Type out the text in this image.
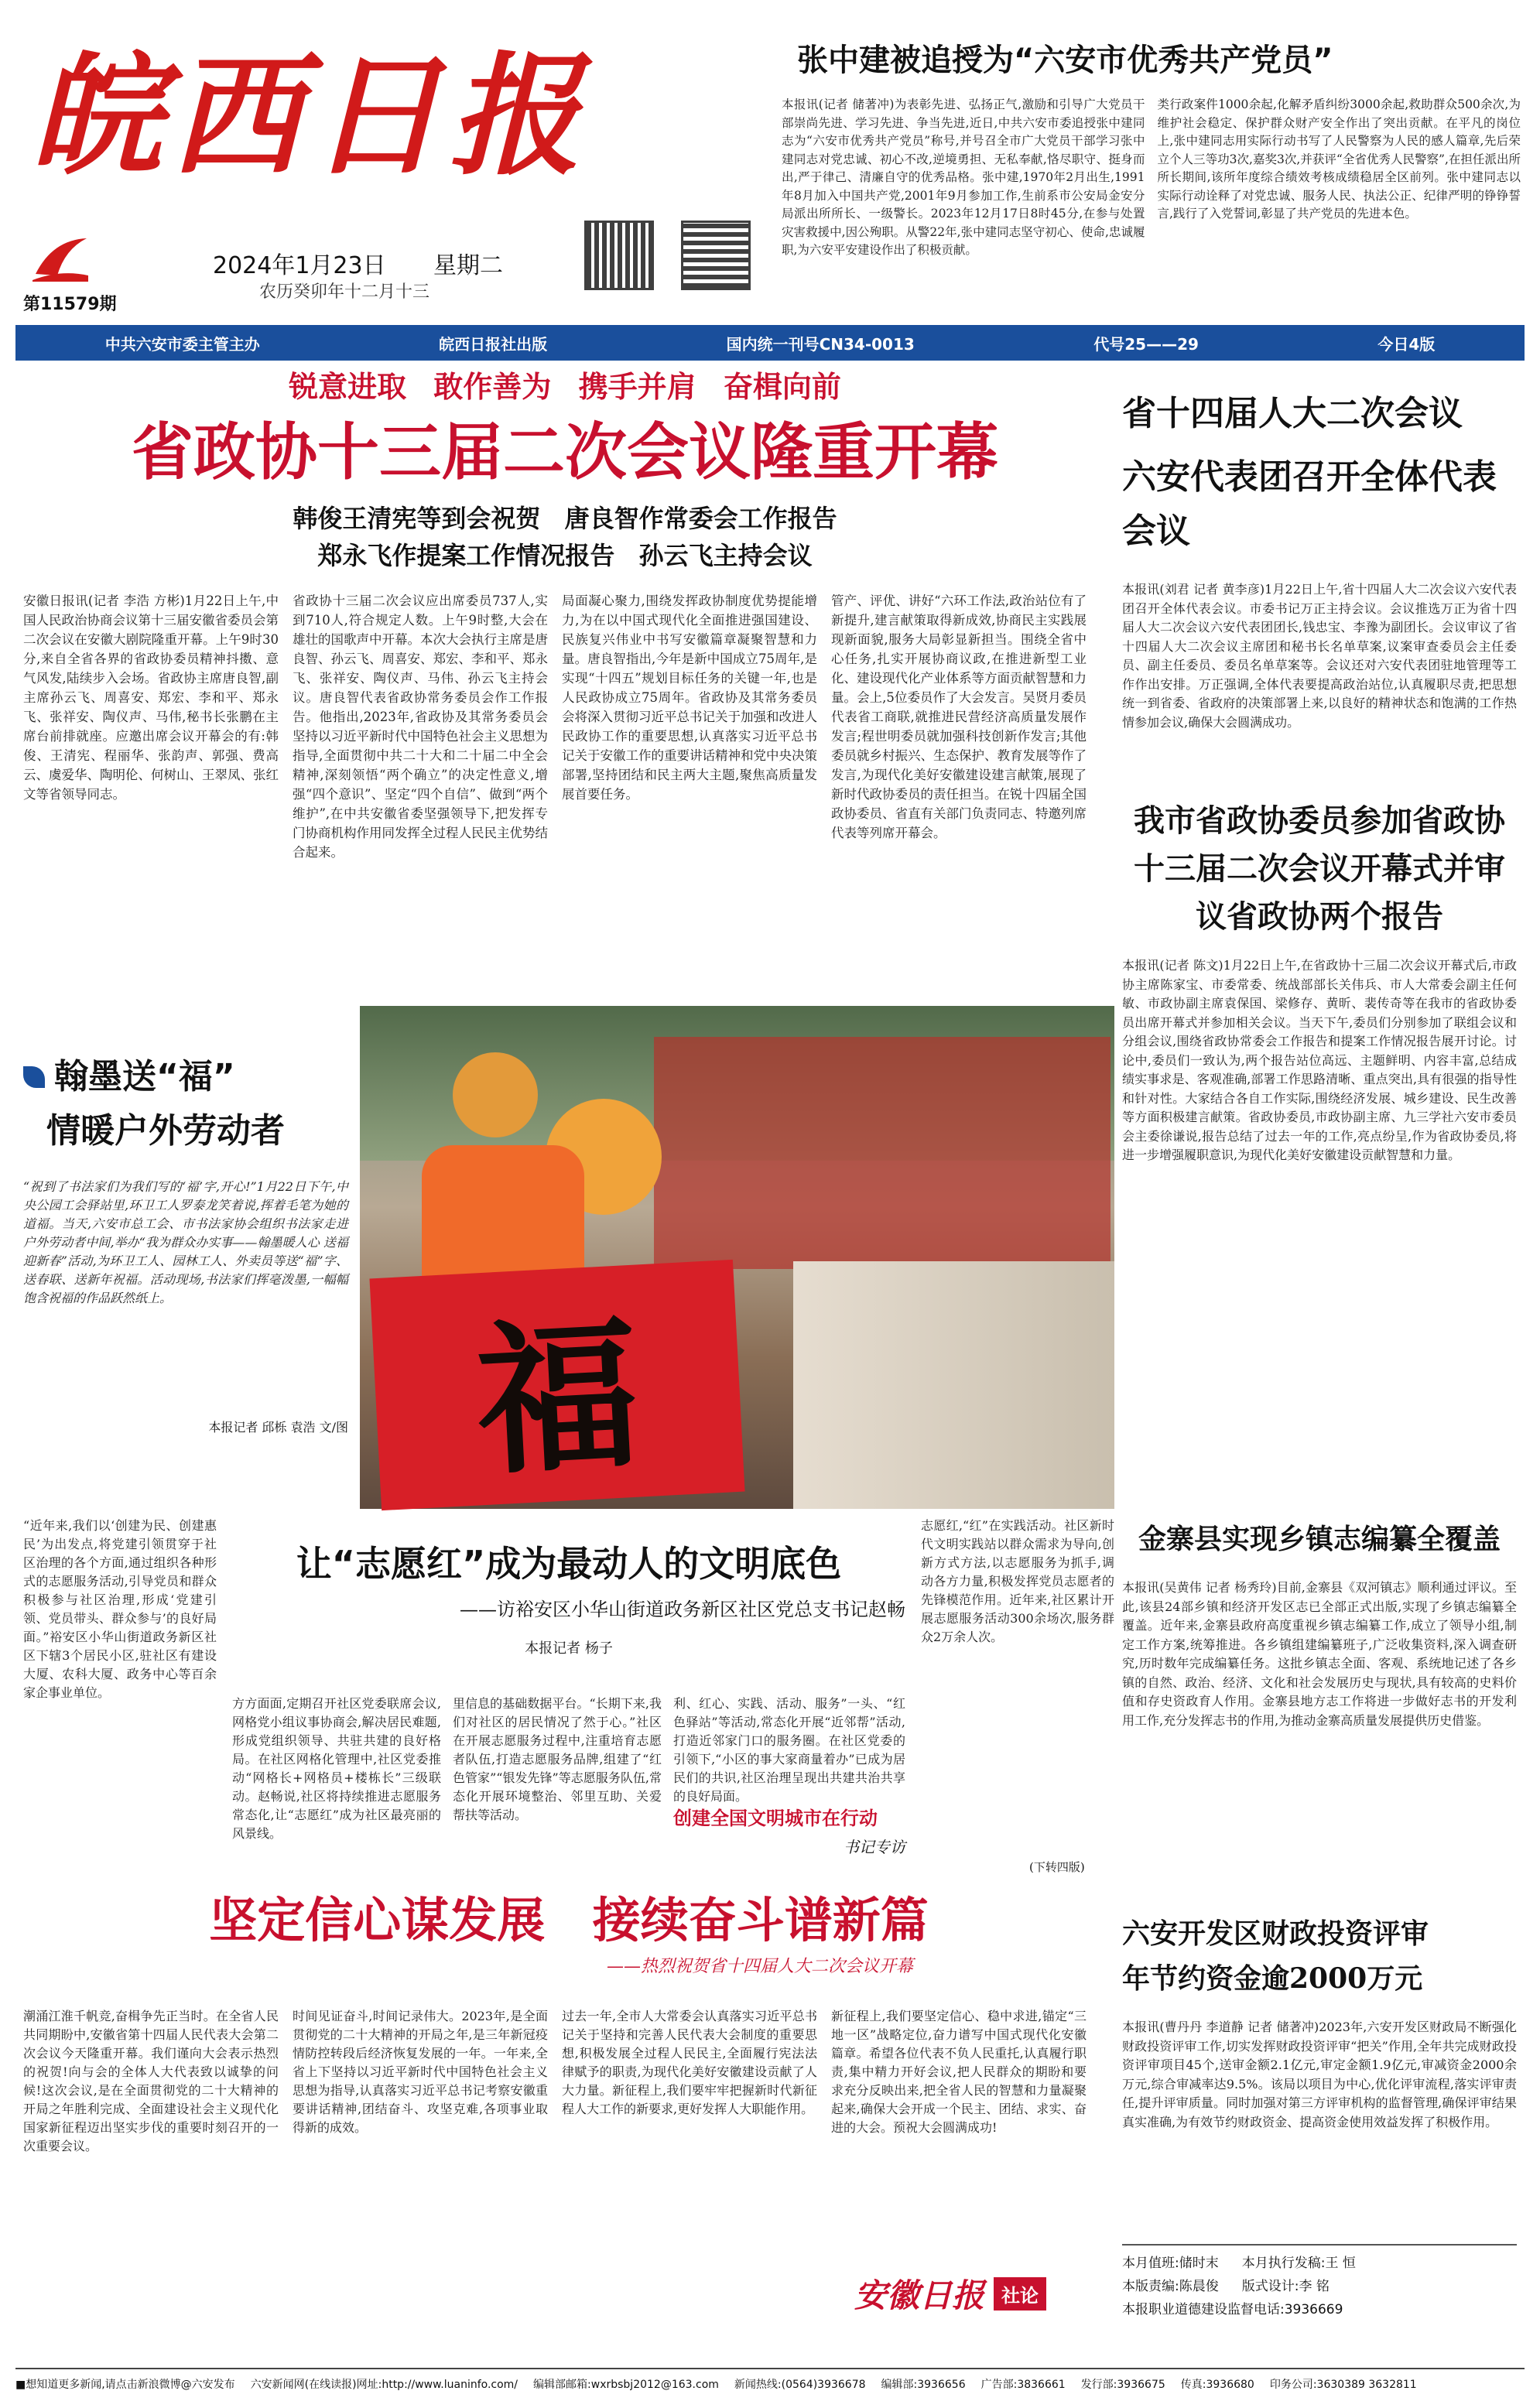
皖西日报
第11579期
2024年1月23日 星期二
农历癸卯年十二月十三
张中建被追授为“六安市优秀共产党员”
本报讯(记者 储著冲)为表彰先进、弘扬正气,激励和引导广大党员干部崇尚先进、学习先进、争当先进,近日,中共六安市委追授张中建同志为“六安市优秀共产党员”称号,并号召全市广大党员干部学习张中建同志对党忠诚、初心不改,逆境勇担、无私奉献,恪尽职守、挺身而出,严于律己、清廉自守的优秀品格。张中建,1970年2月出生,1991年8月加入中国共产党,2001年9月参加工作,生前系市公安局金安分局派出所所长、一级警长。2023年12月17日8时45分,在参与处置灾害救援中,因公殉职。从警22年,张中建同志坚守初心、使命,忠诚履职,为六安平安建设作出了积极贡献。
类行政案件1000余起,化解矛盾纠纷3000余起,救助群众500余次,为维护社会稳定、保护群众财产安全作出了突出贡献。在平凡的岗位上,张中建同志用实际行动书写了人民警察为人民的感人篇章,先后荣立个人三等功3次,嘉奖3次,并获评“全省优秀人民警察”,在担任派出所所长期间,该所年度综合绩效考核成绩稳居全区前列。张中建同志以实际行动诠释了对党忠诚、服务人民、执法公正、纪律严明的铮铮誓言,践行了入党誓词,彰显了共产党员的先进本色。
中共六安市委主管主办	皖西日报社出版	国内统一刊号CN34-0013	代号25——29	今日4版
锐意进取 敢作善为 携手并肩 奋楫向前
省政协十三届二次会议隆重开幕
韩俊王清宪等到会祝贺 唐良智作常委会工作报告
郑永飞作提案工作情况报告 孙云飞主持会议
安徽日报讯(记者 李浩 方彬)1月22日上午,中国人民政治协商会议第十三届安徽省委员会第二次会议在安徽大剧院隆重开幕。上午9时30分,来自全省各界的省政协委员精神抖擞、意气风发,陆续步入会场。省政协主席唐良智,副主席孙云飞、周喜安、郑宏、李和平、郑永飞、张祥安、陶仪声、马伟,秘书长张鹏在主席台前排就座。应邀出席会议开幕会的有:韩俊、王清宪、程丽华、张韵声、郭强、费高云、虞爱华、陶明伦、何树山、王翠凤、张红文等省领导同志。
省政协十三届二次会议应出席委员737人,实到710人,符合规定人数。上午9时整,大会在雄壮的国歌声中开幕。本次大会执行主席是唐良智、孙云飞、周喜安、郑宏、李和平、郑永飞、张祥安、陶仪声、马伟、孙云飞主持会议。唐良智代表省政协常务委员会作工作报告。他指出,2023年,省政协及其常务委员会坚持以习近平新时代中国特色社会主义思想为指导,全面贯彻中共二十大和二十届二中全会精神,深刻领悟“两个确立”的决定性意义,增强“四个意识”、坚定“四个自信”、做到“两个维护”,在中共安徽省委坚强领导下,把发挥专门协商机构作用同发挥全过程人民民主优势结合起来。
局面凝心聚力,围绕发挥政协制度优势提能增力,为在以中国式现代化全面推进强国建设、民族复兴伟业中书写安徽篇章凝聚智慧和力量。唐良智指出,今年是新中国成立75周年,是实现“十四五”规划目标任务的关键一年,也是人民政协成立75周年。省政协及其常务委员会将深入贯彻习近平总书记关于加强和改进人民政协工作的重要思想,认真落实习近平总书记关于安徽工作的重要讲话精神和党中央决策部署,坚持团结和民主两大主题,聚焦高质量发展首要任务。
管产、评优、讲好“六环工作法,政治站位有了新提升,建言献策取得新成效,协商民主实践展现新面貌,服务大局彰显新担当。围绕全省中心任务,扎实开展协商议政,在推进新型工业化、建设现代化产业体系等方面贡献智慧和力量。会上,5位委员作了大会发言。吴贤月委员代表省工商联,就推进民营经济高质量发展作发言;程世明委员就加强科技创新作发言;其他委员就乡村振兴、生态保护、教育发展等作了发言,为现代化美好安徽建设建言献策,展现了新时代政协委员的责任担当。在锐十四届全国政协委员、省直有关部门负责同志、特邀列席代表等列席开幕会。
省十四届人大二次会议
六安代表团召开全体代表会议
本报讯(刘君 记者 黄李彦)1月22日上午,省十四届人大二次会议六安代表团召开全体代表会议。市委书记万正主持会议。会议推选万正为省十四届人大二次会议六安代表团团长,钱忠宝、李豫为副团长。会议审议了省十四届人大二次会议主席团和秘书长名单草案,议案审查委员会主任委员、副主任委员、委员名单草案等。会议还对六安代表团驻地管理等工作作出安排。万正强调,全体代表要提高政治站位,认真履职尽责,把思想统一到省委、省政府的决策部署上来,以良好的精神状态和饱满的工作热情参加会议,确保大会圆满成功。
我市省政协委员参加省政协十三届二次会议开幕式并审议省政协两个报告
本报讯(记者 陈文)1月22日上午,在省政协十三届二次会议开幕式后,市政协主席陈家宝、市委常委、统战部部长关伟兵、市人大常委会副主任何敏、市政协副主席袁保国、梁修存、黄昕、裴传奇等在我市的省政协委员出席开幕式并参加相关会议。当天下午,委员们分别参加了联组会议和分组会议,围绕省政协常委会工作报告和提案工作情况报告展开讨论。讨论中,委员们一致认为,两个报告站位高远、主题鲜明、内容丰富,总结成绩实事求是、客观准确,部署工作思路清晰、重点突出,具有很强的指导性和针对性。大家结合各自工作实际,围绕经济发展、城乡建设、民生改善等方面积极建言献策。省政协委员,市政协副主席、九三学社六安市委员会主委徐谦说,报告总结了过去一年的工作,亮点纷呈,作为省政协委员,将进一步增强履职意识,为现代化美好安徽建设贡献智慧和力量。
翰墨送“福”
情暖户外劳动者
“祝到了书法家们为我们写的‘福’字,开心!”1月22日下午,中央公园工会驿站里,环卫工人罗泰龙笑着说,挥着毛笔为她的道福。当天,六安市总工会、市书法家协会组织书法家走进户外劳动者中间,举办“我为群众办实事——翰墨暖人心 送福迎新春”活动,为环卫工人、园林工人、外卖员等送“福”字、送春联、送新年祝福。活动现场,书法家们挥毫泼墨,一幅幅饱含祝福的作品跃然纸上。
本报记者 邱栎 袁浩 文/图 福
“近年来,我们以‘创建为民、创建惠民’为出发点,将党建引领贯穿于社区治理的各个方面,通过组织各种形式的志愿服务活动,引导党员和群众积极参与社区治理,形成‘党建引领、党员带头、群众参与’的良好局面。”裕安区小华山街道政务新区社区下辖3个居民小区,驻社区有建设大厦、农科大厦、政务中心等百余家企事业单位。
让“志愿红”成为最动人的文明底色
——访裕安区小华山街道政务新区社区党总支书记赵畅
本报记者 杨子
方方面面,定期召开社区党委联席会议,网格党小组议事协商会,解决居民难题,形成党组织领导、共驻共建的良好格局。在社区网格化管理中,社区党委推动“网格长+网格员+楼栋长”三级联动。赵畅说,社区将持续推进志愿服务常态化,让“志愿红”成为社区最亮丽的风景线。
里信息的基础数据平台。“长期下来,我们对社区的居民情况了然于心。”社区在开展志愿服务过程中,注重培育志愿者队伍,打造志愿服务品牌,组建了“红色管家”“银发先锋”等志愿服务队伍,常态化开展环境整治、邻里互助、关爱帮扶等活动。
利、红心、实践、活动、服务”一头、“红色驿站”等活动,常态化开展“近邻帮”活动,打造近邻家门口的服务圈。在社区党委的引领下,“小区的事大家商量着办”已成为居民们的共识,社区治理呈现出共建共治共享的良好局面。
创建全国文明城市在行动
书记专访
志愿红,“红”在实践活动。社区新时代文明实践站以群众需求为导向,创新方式方法,以志愿服务为抓手,调动各方力量,积极发挥党员志愿者的先锋模范作用。近年来,社区累计开展志愿服务活动300余场次,服务群众2万余人次。
(下转四版)
坚定信心谋发展 接续奋斗谱新篇
——热烈祝贺省十四届人大二次会议开幕
潮涌江淮千帆竞,奋楫争先正当时。在全省人民共同期盼中,安徽省第十四届人民代表大会第二次会议今天隆重开幕。我们谨向大会表示热烈的祝贺!向与会的全体人大代表致以诚挚的问候!这次会议,是在全面贯彻党的二十大精神的开局之年胜利完成、全面建设社会主义现代化国家新征程迈出坚实步伐的重要时刻召开的一次重要会议。
时间见证奋斗,时间记录伟大。2023年,是全面贯彻党的二十大精神的开局之年,是三年新冠疫情防控转段后经济恢复发展的一年。一年来,全省上下坚持以习近平新时代中国特色社会主义思想为指导,认真落实习近平总书记考察安徽重要讲话精神,团结奋斗、攻坚克难,各项事业取得新的成效。
过去一年,全市人大常委会认真落实习近平总书记关于坚持和完善人民代表大会制度的重要思想,积极发展全过程人民民主,全面履行宪法法律赋予的职责,为现代化美好安徽建设贡献了人大力量。新征程上,我们要牢牢把握新时代新征程人大工作的新要求,更好发挥人大职能作用。
新征程上,我们要坚定信心、稳中求进,锚定“三地一区”战略定位,奋力谱写中国式现代化安徽篇章。希望各位代表不负人民重托,认真履行职责,集中精力开好会议,把人民群众的期盼和要求充分反映出来,把全省人民的智慧和力量凝聚起来,确保大会开成一个民主、团结、求实、奋进的大会。预祝大会圆满成功!
安徽日报 社论
金寨县实现乡镇志编纂全覆盖
本报讯(吴黄伟 记者 杨秀玲)目前,金寨县《双河镇志》顺利通过评议。至此,该县24部乡镇和经济开发区志已全部正式出版,实现了乡镇志编纂全覆盖。近年来,金寨县政府高度重视乡镇志编纂工作,成立了领导小组,制定工作方案,统筹推进。各乡镇组建编纂班子,广泛收集资料,深入调查研究,历时数年完成编纂任务。这批乡镇志全面、客观、系统地记述了各乡镇的自然、政治、经济、文化和社会发展历史与现状,具有较高的史料价值和存史资政育人作用。金寨县地方志工作将进一步做好志书的开发利用工作,充分发挥志书的作用,为推动金寨高质量发展提供历史借鉴。
六安开发区财政投资评审
年节约资金逾2000万元
本报讯(曹丹丹 李道静 记者 储著冲)2023年,六安开发区财政局不断强化财政投资评审工作,切实发挥财政投资评审“把关”作用,全年共完成财政投资评审项目45个,送审金额2.1亿元,审定金额1.9亿元,审减资金2000余万元,综合审减率达9.5%。该局以项目为中心,优化评审流程,落实评审责任,提升评审质量。同时加强对第三方评审机构的监督管理,确保评审结果真实准确,为有效节约财政资金、提高资金使用效益发挥了积极作用。
本月值班:储时末 本月执行发稿:王 恒
本版责编:陈晨俊 版式设计:李 铭
本报职业道德建设监督电话:3936669
■想知道更多新闻,请点击新浪微博@六安发布 六安新闻网(在线读报)网址:http://www.luaninfo.com/ 编辑部邮箱:wxrbsbj2012@163.com 新闻热线:(0564)3936678 编辑部:3936656 广告部:3836661 发行部:3936675 传真:3936680 印务公司:3630389 3632811
